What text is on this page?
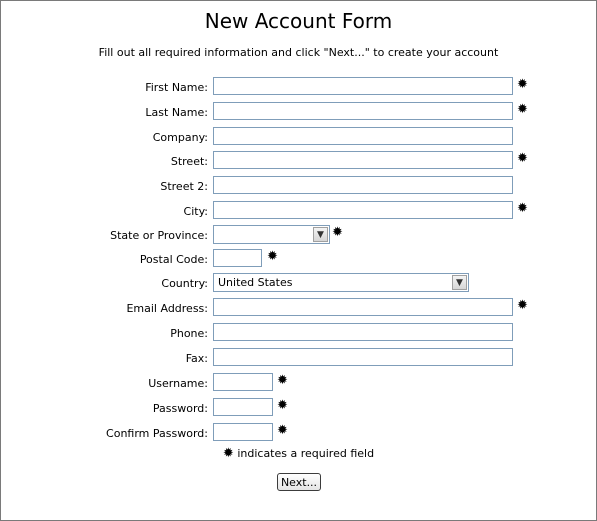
New Account Form
Fill out all required information and click "Next..." to create your account
First Name:	✹
Last Name:	✹
Company:
Street:	✹
Street 2:
City:	✹
State or Province:	▼ ✹
Postal Code:	✹
Country: United States	▼
Email Address:	✹
Phone:
Fax:
Username:	✹
Password:	✹
Confirm Password:	✹
✹ indicates a required field
Next...
